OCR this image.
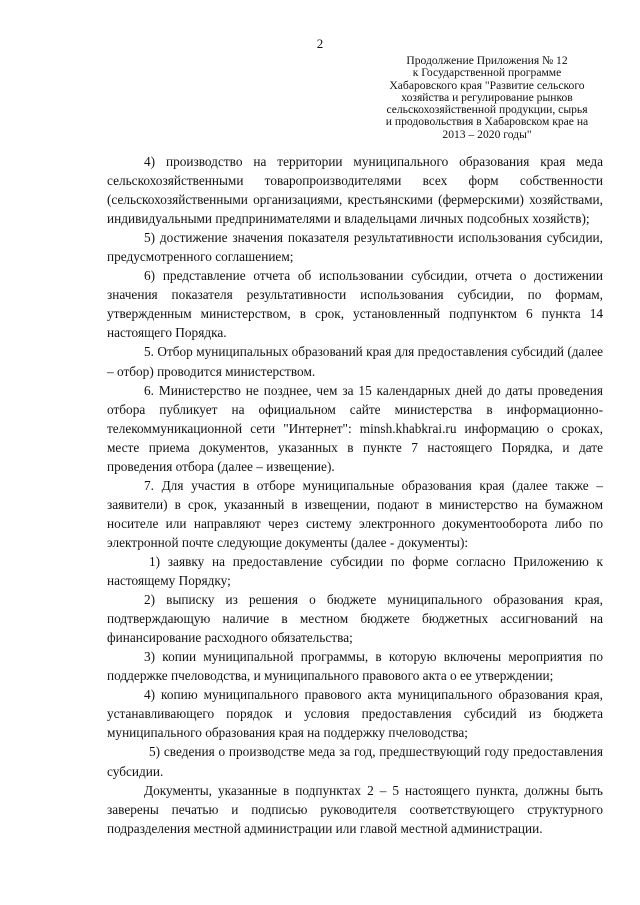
2
Продолжение Приложения № 12
к Государственной программе
Хабаровского края "Развитие сельского
хозяйства и регулирование рынков
сельскохозяйственной продукции, сырья
и продовольствия в Хабаровском крае на
2013 – 2020 годы"

4) производство на территории муниципального образования края меда сельскохозяйственными товаропроизводителями всех форм собственности (сельскохозяйственными организациями, крестьянскими (фермерскими) хозяйствами, индивидуальными предпринимателями и владельцами личных подсобных хозяйств);

5) достижение значения показателя результативности использования субсидии, предусмотренного соглашением;

6) представление отчета об использовании субсидии, отчета о достижении значения показателя результативности использования субсидии, по формам, утвержденным министерством, в срок, установленный подпунктом 6 пункта 14 настоящего Порядка.

5. Отбор муниципальных образований края для предоставления субсидий (далее – отбор) проводится министерством.

6. Министерство не позднее, чем за 15 календарных дней до даты проведения отбора публикует на официальном сайте министерства в информационно-телекоммуникационной сети "Интернет": minsh.khabkrai.ru информацию о сроках, месте приема документов, указанных в пункте 7 настоящего Порядка, и дате проведения отбора (далее – извещение).

7. Для участия в отборе муниципальные образования края (далее также – заявители) в срок, указанный в извещении, подают в министерство на бумажном носителе или направляют через систему электронного документооборота либо по электронной почте следующие документы (далее - документы):

1) заявку на предоставление субсидии по форме согласно Приложению к настоящему Порядку;

2) выписку из решения о бюджете муниципального образования края, подтверждающую наличие в местном бюджете бюджетных ассигнований на финансирование расходного обязательства;

3) копии муниципальной программы, в которую включены мероприятия по поддержке пчеловодства, и муниципального правового акта о ее утверждении;

4) копию муниципального правового акта муниципального образования края, устанавливающего порядок и условия предоставления субсидий из бюджета муниципального образования края на поддержку пчеловодства;

5) сведения о производстве меда за год, предшествующий году предоставления субсидии.

Документы, указанные в подпунктах 2 – 5 настоящего пункта, должны быть заверены печатью и подписью руководителя соответствующего структурного подразделения местной администрации или главой местной администрации.
